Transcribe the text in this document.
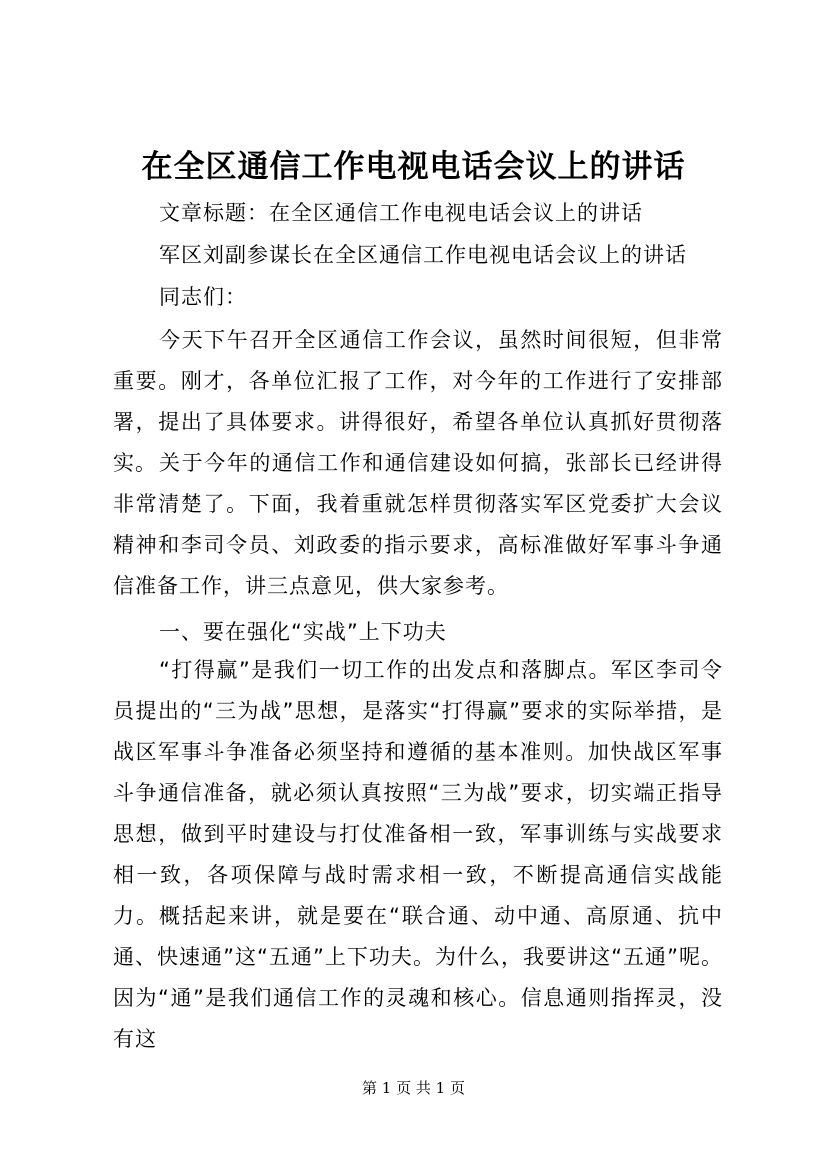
在全区通信工作电视电话会议上的讲话
文章标题：在全区通信工作电视电话会议上的讲话
军区刘副参谋长在全区通信工作电视电话会议上的讲话
同志们：
今天下午召开全区通信工作会议，虽然时间很短，但非常重要。刚才，各单位汇报了工作，对今年的工作进行了安排部署，提出了具体要求。讲得很好，希望各单位认真抓好贯彻落实。 关于今年的通信工作和通信建设如何搞，张部长已经讲得非常清楚了。下面，我着重就怎样贯彻落实军区党委扩大会议精神和李司令员、刘政委的指示要求，高标准做好军事斗争通信准备工作，讲三点意见，供大家参考。
一、要在强化“实战”上下功夫
“打得赢”是我们一切工作的出发点和落脚点。军区李司令员提出的“三为战”思想，是落实“打得赢”要求的实际举措，是战区军事斗争准备必须坚持和遵循的基本准则。加快战区军事斗争通信准备，就必须认真按照“三为战”要求，切实端正指导思想，做到平时建设与打仗准备相一致，军事训练与实战要求相一致，各项保障与战时需求相一致，不断提高通信实战能力。概括起来讲，就是要在“联合通、动中通、高原通、抗中通、快速通”这“五通”上下功夫。为什么，我要讲这“五通”呢。因为“通”是我们通信工作的灵魂和核心。信息通则指挥灵，没有这
第 1 页 共 1 页
